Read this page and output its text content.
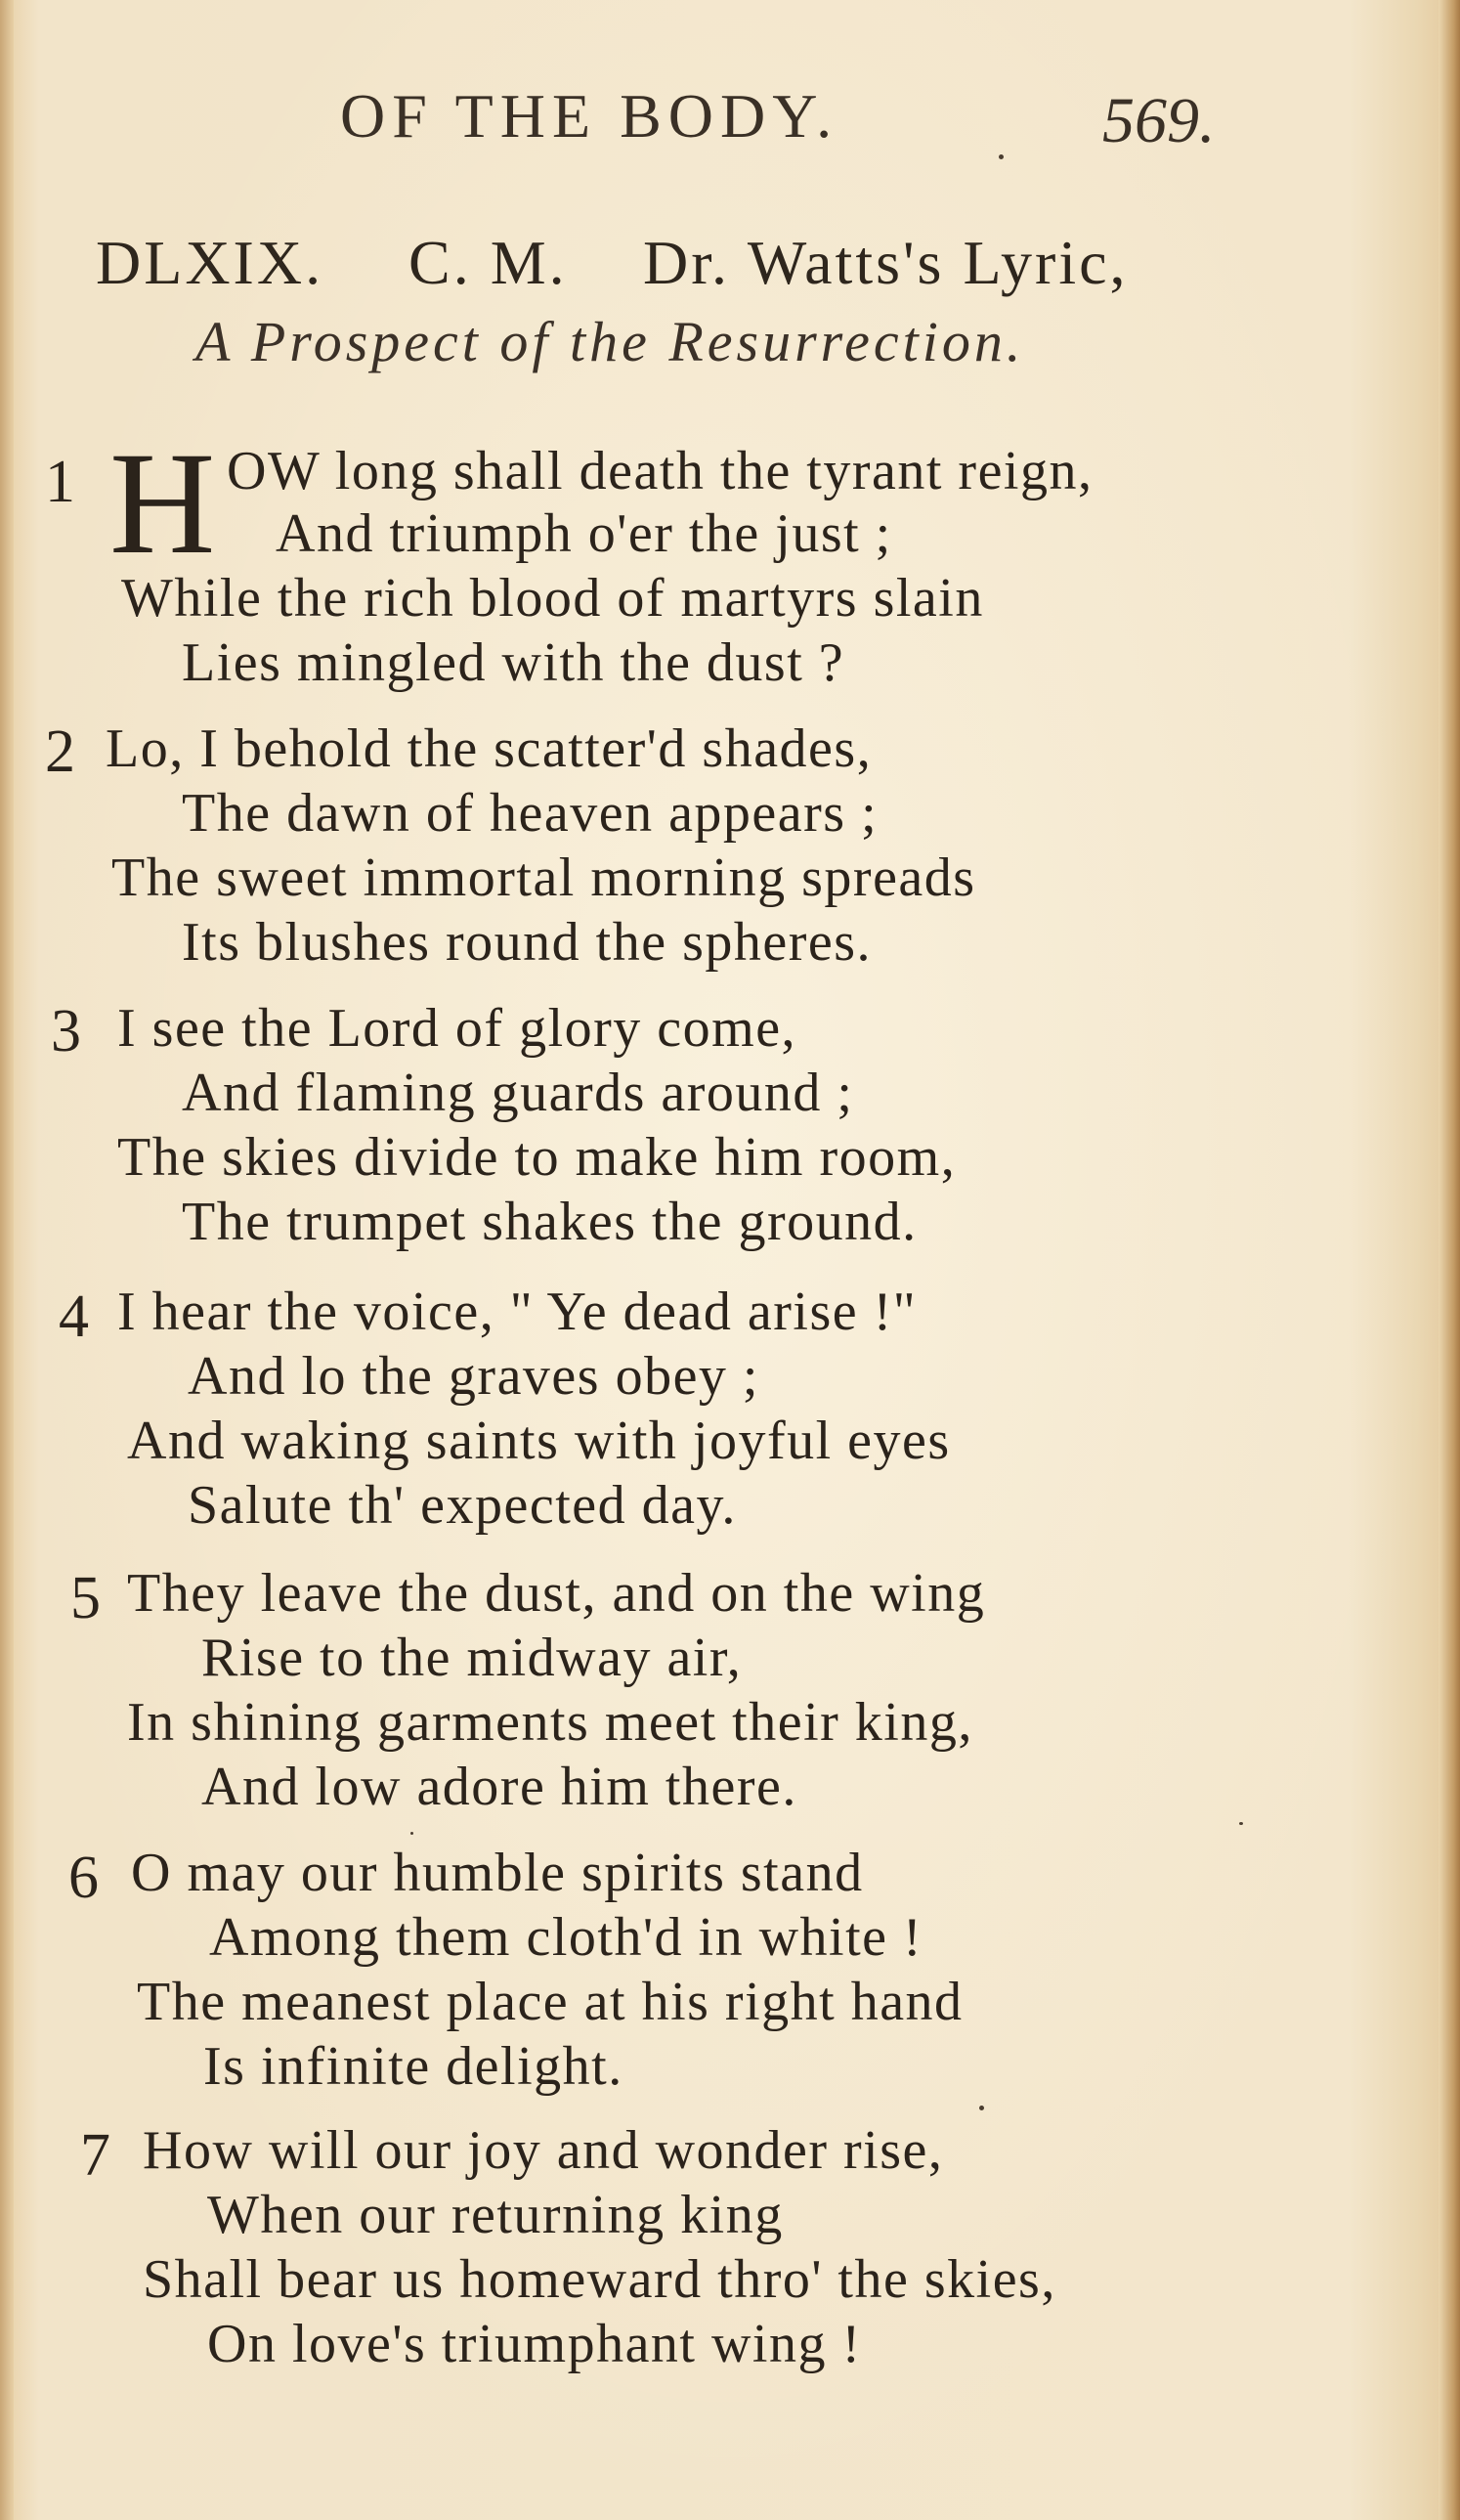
OF THE BODY.	569.
DLXIX. C. M. Dr. Watts's Lyric,
A Prospect of the Resurrection.
1 H OW long shall death the tyrant reign,
And triumph o'er the just ;
While the rich blood of martyrs slain
Lies mingled with the dust ?
2 Lo, I behold the scatter'd shades,
The dawn of heaven appears ;
The sweet immortal morning spreads
Its blushes round the spheres.
3 I see the Lord of glory come,
And flaming guards around ;
The skies divide to make him room,
The trumpet shakes the ground.
4 I hear the voice, " Ye dead arise !"
And lo the graves obey ;
And waking saints with joyful eyes
Salute th' expected day.
5 They leave the dust, and on the wing
Rise to the midway air,
In shining garments meet their king,
And low adore him there.
6 O may our humble spirits stand
Among them cloth'd in white !
The meanest place at his right hand
Is infinite delight.
7 How will our joy and wonder rise,
When our returning king
Shall bear us homeward thro' the skies,
On love's triumphant wing !
